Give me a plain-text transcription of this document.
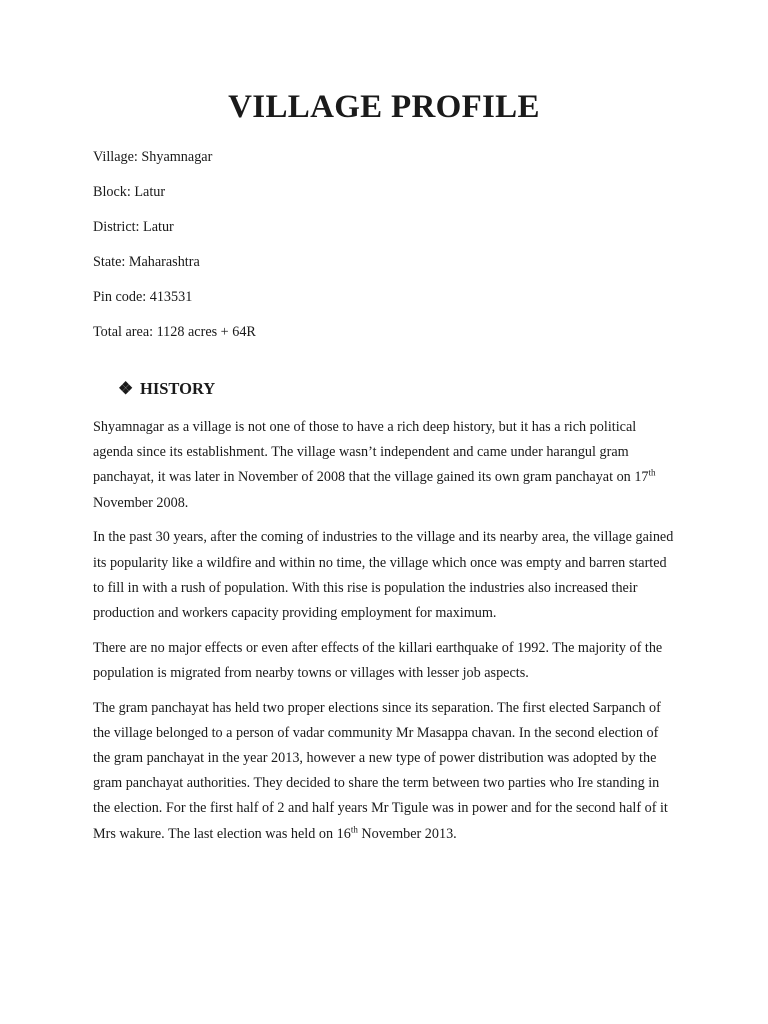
VILLAGE PROFILE

Village: Shyamnagar

Block: Latur

District: Latur

State: Maharashtra

Pin code: 413531

Total area: 1128 acres + 64R

❖ HISTORY

Shyamnagar as a village is not one of those to have a rich deep history, but it has a rich political agenda since its establishment. The village wasn’t independent and came under harangul gram panchayat, it was later in November of 2008 that the village gained its own gram panchayat on 17th November 2008.

In the past 30 years, after the coming of industries to the village and its nearby area, the village gained its popularity like a wildfire and within no time, the village which once was empty and barren started to fill in with a rush of population. With this rise is population the industries also increased their production and workers capacity providing employment for maximum.

There are no major effects or even after effects of the killari earthquake of 1992. The majority of the population is migrated from nearby towns or villages with lesser job aspects.

The gram panchayat has held two proper elections since its separation. The first elected Sarpanch of the village belonged to a person of vadar community Mr Masappa chavan. In the second election of the gram panchayat in the year 2013, however a new type of power distribution was adopted by the gram panchayat authorities. They decided to share the term between two parties who Ire standing in the election. For the first half of 2 and half years Mr Tigule was in power and for the second half of it Mrs wakure. The last election was held on 16th November 2013.
